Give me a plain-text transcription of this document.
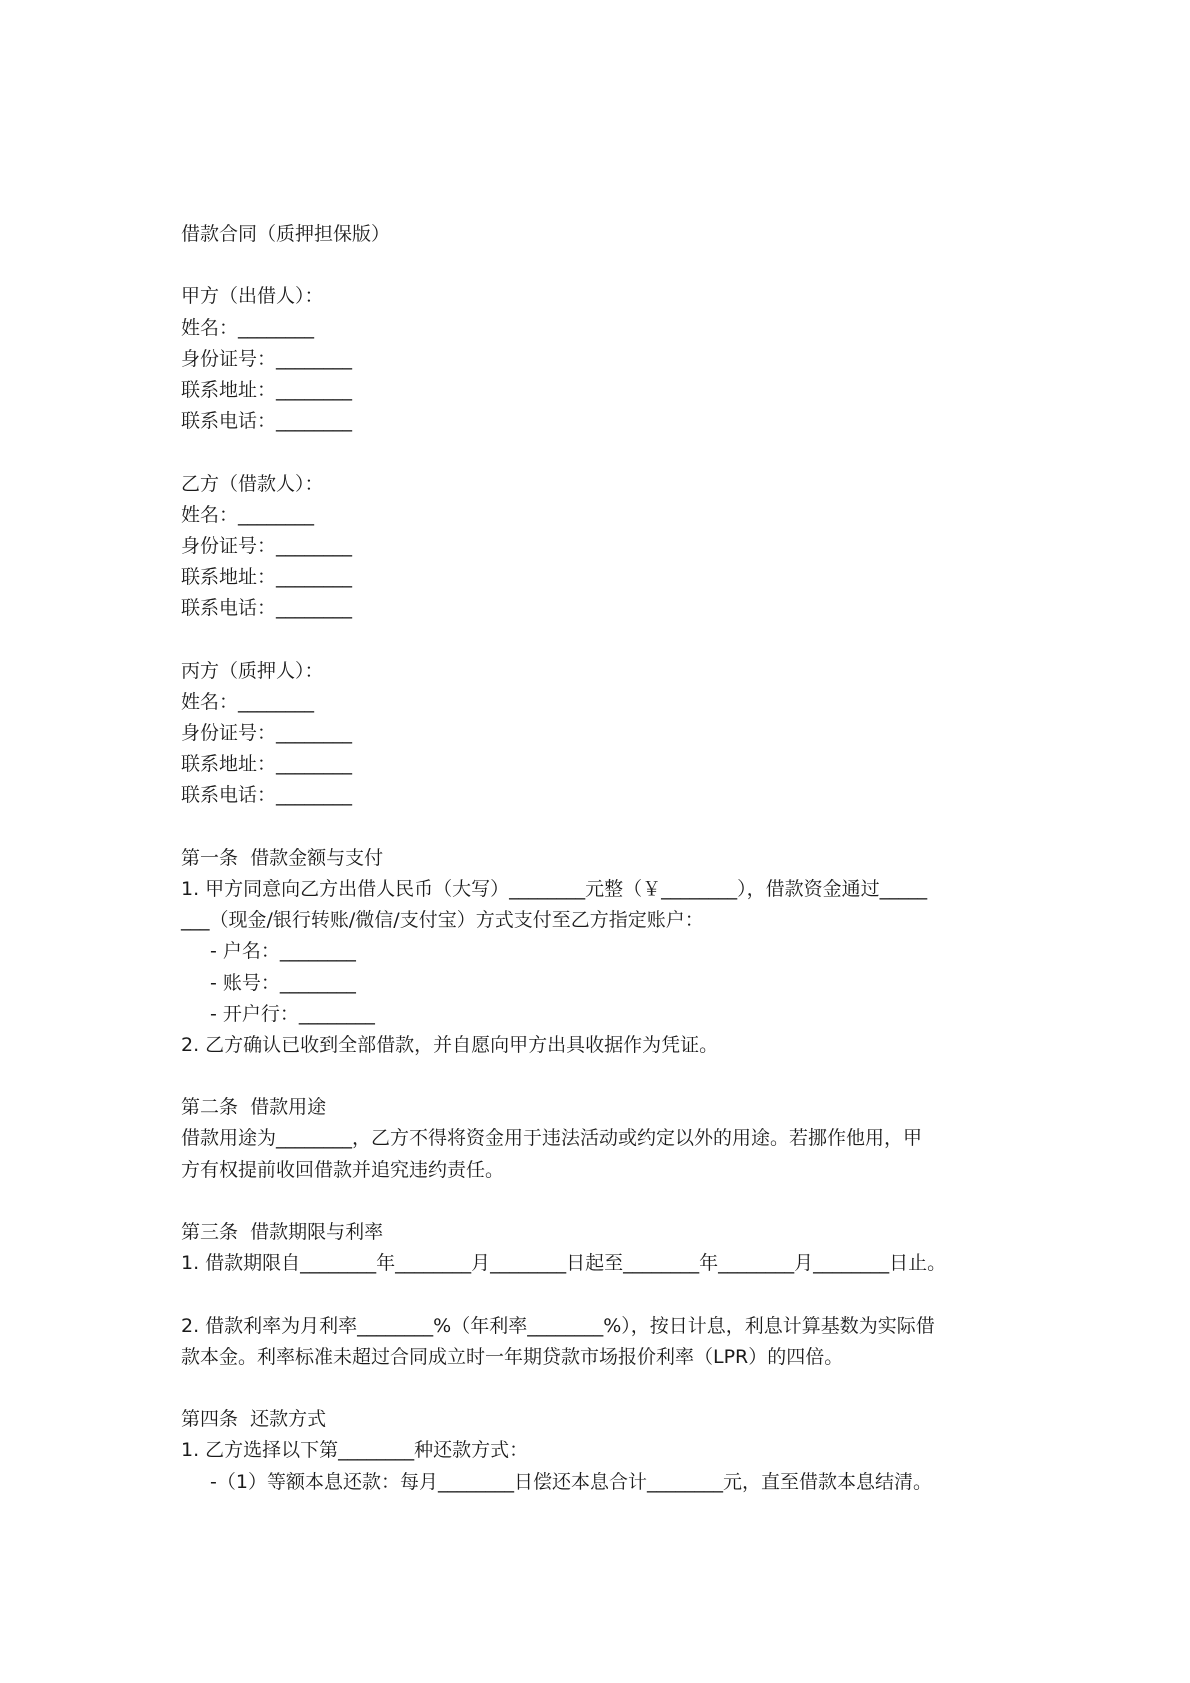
借款合同（质押担保版）
甲方（出借人）：
姓名：________
身份证号：________
联系地址：________
联系电话：________
乙方（借款人）：
姓名：________
身份证号：________
联系地址：________
联系电话：________
丙方（质押人）：
姓名：________
身份证号：________
联系地址：________
联系电话：________
第一条  借款金额与支付
1. 甲方同意向乙方出借人民币（大写）________元整（￥________），借款资金通过_____
___（现金/银行转账/微信/支付宝）方式支付至乙方指定账户：
- 户名：________
- 账号：________
- 开户行：________
2. 乙方确认已收到全部借款，并自愿向甲方出具收据作为凭证。
第二条  借款用途
借款用途为________，乙方不得将资金用于违法活动或约定以外的用途。若挪作他用，甲
方有权提前收回借款并追究违约责任。
第三条  借款期限与利率
1. 借款期限自________年________月________日起至________年________月________日止。
2. 借款利率为月利率________%（年利率________%），按日计息，利息计算基数为实际借
款本金。利率标准未超过合同成立时一年期贷款市场报价利率（LPR）的四倍。
第四条  还款方式
1. 乙方选择以下第________种还款方式：
-（1）等额本息还款：每月________日偿还本息合计________元，直至借款本息结清。
